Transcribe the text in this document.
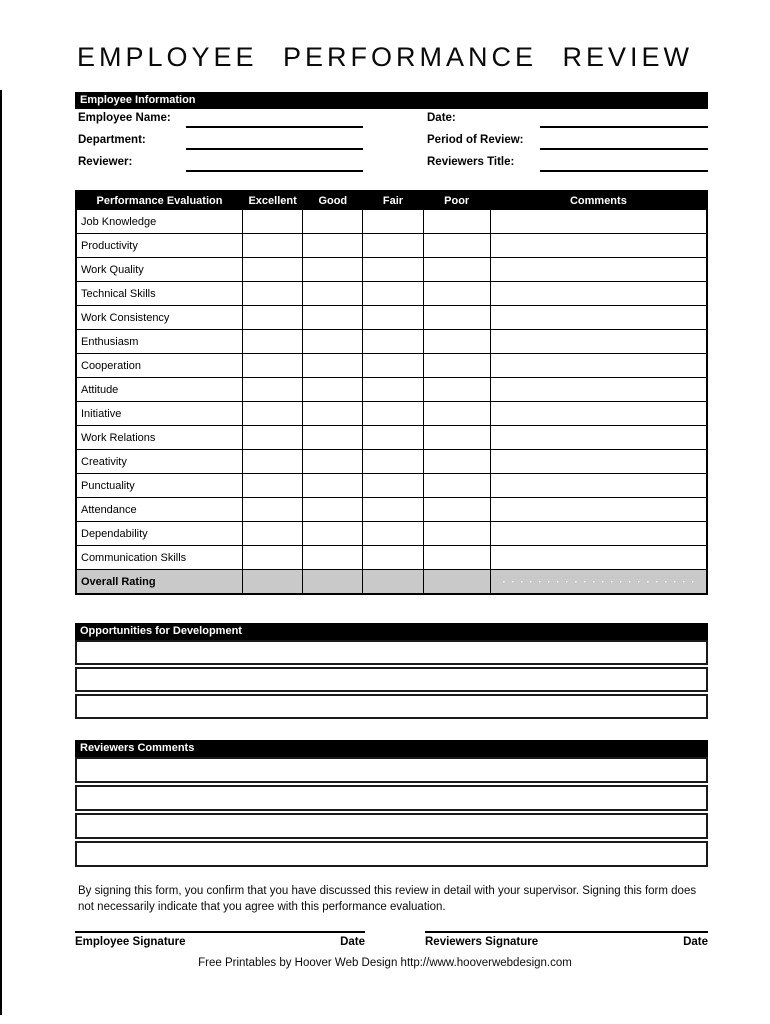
EMPLOYEE PERFORMANCE REVIEW
Employee Information
Employee Name:	Date:
Department:	Period of Review:
Reviewer:	Reviewers Title:
Performance Evaluation	Excellent	Good	Fair	Poor	Comments
Job Knowledge					
Productivity					
Work Quality					
Technical Skills					
Work Consistency					
Enthusiasm					
Cooperation					
Attitude					
Initiative					
Work Relations					
Creativity					
Punctuality					
Attendance					
Dependability					
Communication Skills					
Overall Rating					
Opportunities for Development
Reviewers Comments

By signing this form, you confirm that you have discussed this review in detail with your supervisor. Signing this form does not necessarily indicate that you agree with this performance evaluation.

Employee Signature	Date	Reviewers Signature	Date

Free Printables by Hoover Web Design http://www.hooverwebdesign.com
